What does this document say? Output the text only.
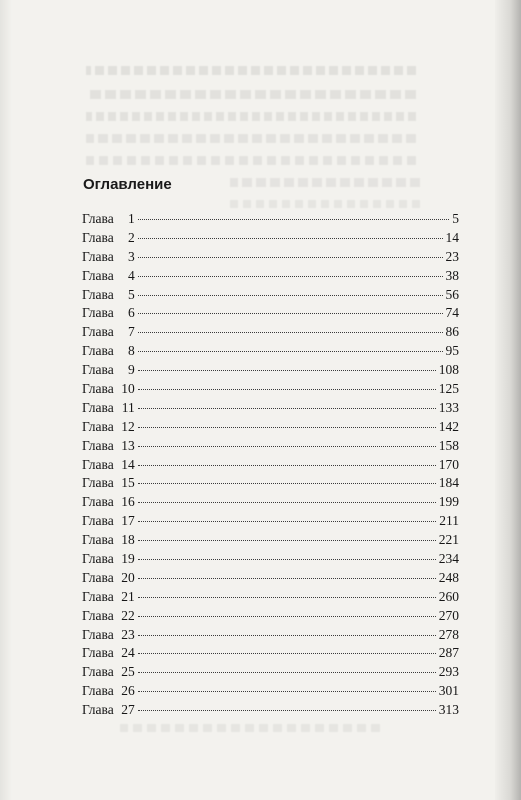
Оглавление
Глава	1	5
Глава	2	14
Глава	3	23
Глава	4	38
Глава	5	56
Глава	6	74
Глава	7	86
Глава	8	95
Глава	9	108
Глава 10	125
Глава 11	133
Глава 12	142
Глава 13	158
Глава 14	170
Глава 15	184
Глава 16	199
Глава 17	211
Глава 18	221
Глава 19	234
Глава 20	248
Глава 21	260
Глава 22	270
Глава 23	278
Глава 24	287
Глава 25	293
Глава 26	301
Глава 27	313
